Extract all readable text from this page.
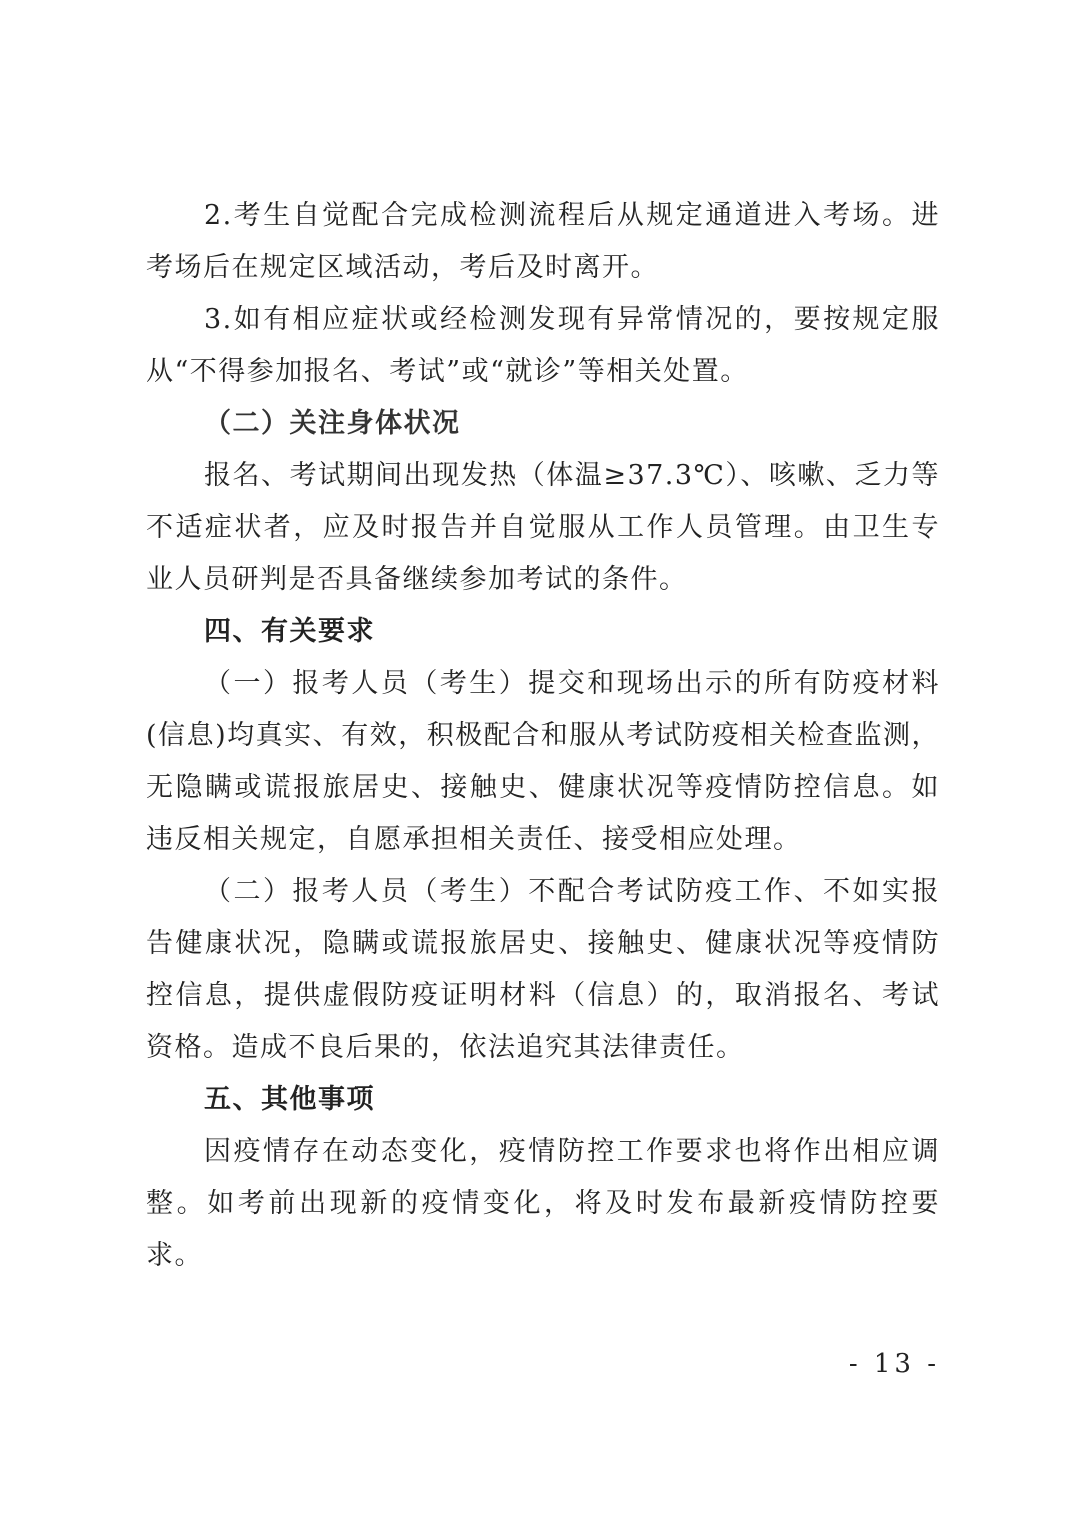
2.考生自觉配合完成检测流程后从规定通道进入考场。进考场后在规定区域活动，考后及时离开。

3.如有相应症状或经检测发现有异常情况的，要按规定服从“不得参加报名、考试”或“就诊”等相关处置。

（二）关注身体状况

报名、考试期间出现发热（体温≥37.3℃）、咳嗽、乏力等不适症状者，应及时报告并自觉服从工作人员管理。由卫生专业人员研判是否具备继续参加考试的条件。

四、有关要求

（一）报考人员（考生）提交和现场出示的所有防疫材料(信息)均真实、有效，积极配合和服从考试防疫相关检查监测，无隐瞒或谎报旅居史、接触史、健康状况等疫情防控信息。如违反相关规定，自愿承担相关责任、接受相应处理。

（二）报考人员（考生）不配合考试防疫工作、不如实报告健康状况，隐瞒或谎报旅居史、接触史、健康状况等疫情防控信息，提供虚假防疫证明材料（信息）的，取消报名、考试资格。造成不良后果的，依法追究其法律责任。

五、其他事项

因疫情存在动态变化，疫情防控工作要求也将作出相应调整。如考前出现新的疫情变化，将及时发布最新疫情防控要求。

- 13 -
